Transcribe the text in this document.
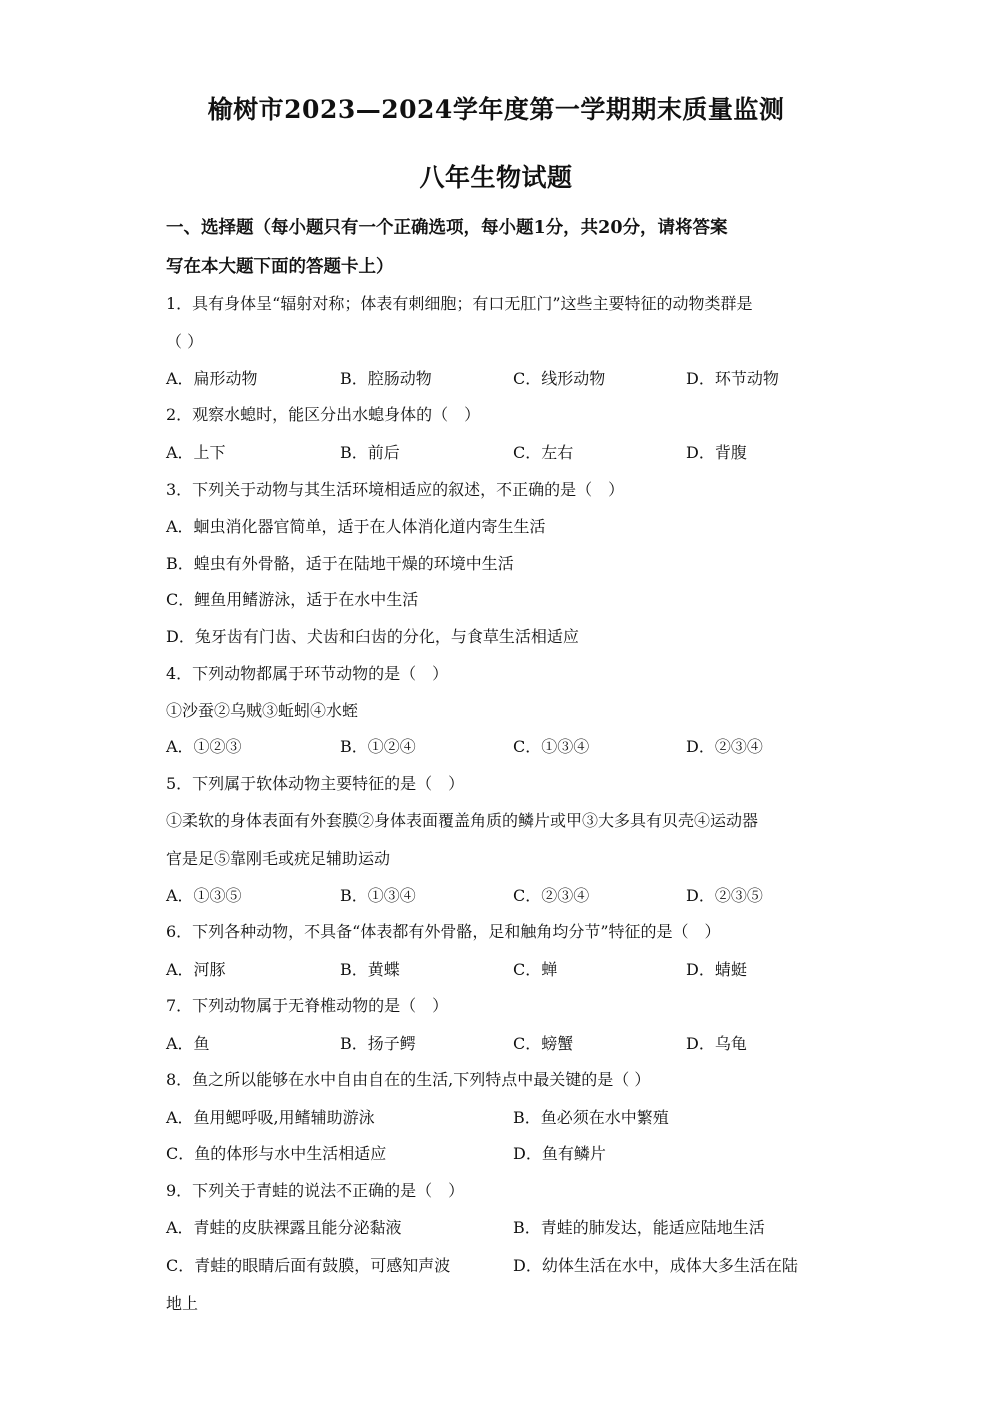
榆树市2023—2024学年度第一学期期末质量监测
八年生物试题
一、选择题（每小题只有一个正确选项，每小题1分，共20分，请将答案
写在本大题下面的答题卡上）
1．具有身体呈“辐射对称；体表有刺细胞；有口无肛门”这些主要特征的动物类群是
（ ）
A．扁形动物	B．腔肠动物	C．线形动物	D．环节动物
2．观察水螅时，能区分出水螅身体的（　）
A．上下	B．前后	C．左右	D．背腹
3．下列关于动物与其生活环境相适应的叙述，不正确的是（　）
A．蛔虫消化器官简单，适于在人体消化道内寄生生活
B．蝗虫有外骨骼，适于在陆地干燥的环境中生活
C．鲤鱼用鳍游泳，适于在水中生活
D．兔牙齿有门齿、犬齿和臼齿的分化，与食草生活相适应
4．下列动物都属于环节动物的是（　）
①沙蚕②乌贼③蚯蚓④水蛭
A．①②③	B．①②④	C．①③④	D．②③④
5．下列属于软体动物主要特征的是（　）
①柔软的身体表面有外套膜②身体表面覆盖角质的鳞片或甲③大多具有贝壳④运动器
官是足⑤靠刚毛或疣足辅助运动
A．①③⑤	B．①③④	C．②③④	D．②③⑤
6．下列各种动物，不具备“体表都有外骨骼，足和触角均分节”特征的是（　）
A．河豚	B．黄蝶	C．蝉	D．蜻蜓
7．下列动物属于无脊椎动物的是（　）
A．鱼	B．扬子鳄	C．螃蟹	D．乌龟
8．鱼之所以能够在水中自由自在的生活,下列特点中最关键的是（ ）
A．鱼用鳃呼吸,用鳍辅助游泳	B．鱼必须在水中繁殖
C．鱼的体形与水中生活相适应	D．鱼有鳞片
9．下列关于青蛙的说法不正确的是（　）
A．青蛙的皮肤裸露且能分泌黏液	B．青蛙的肺发达，能适应陆地生活
C．青蛙的眼睛后面有鼓膜，可感知声波	D．幼体生活在水中，成体大多生活在陆
地上
